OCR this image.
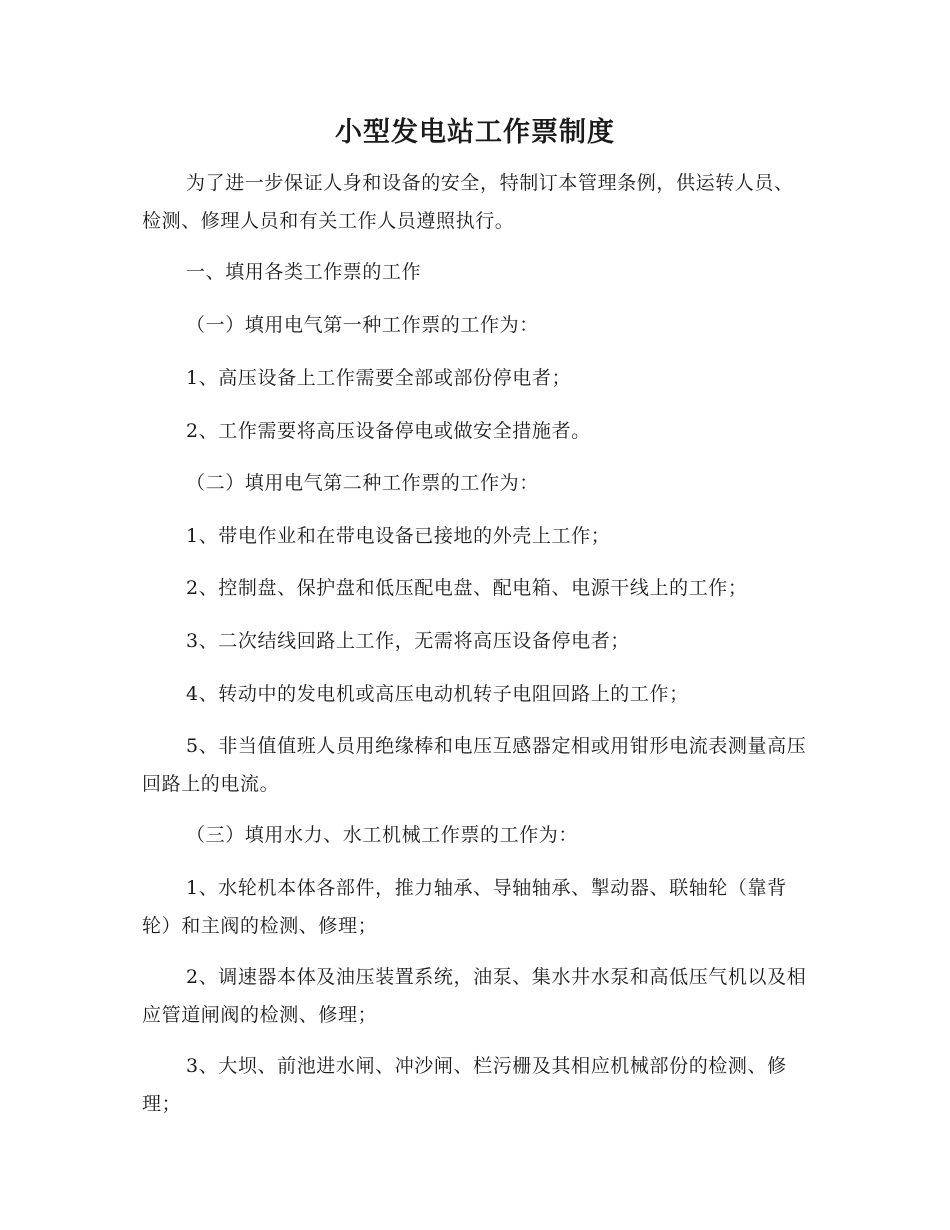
小型发电站工作票制度

为了进一步保证人身和设备的安全，特制订本管理条例，供运转人员、检测、修理人员和有关工作人员遵照执行。

一、填用各类工作票的工作

（一）填用电气第一种工作票的工作为：

1、高压设备上工作需要全部或部份停电者；

2、工作需要将高压设备停电或做安全措施者。

（二）填用电气第二种工作票的工作为：

1、带电作业和在带电设备已接地的外壳上工作；

2、控制盘、保护盘和低压配电盘、配电箱、电源干线上的工作；

3、二次结线回路上工作，无需将高压设备停电者；

4、转动中的发电机或高压电动机转子电阻回路上的工作；

5、非当值值班人员用绝缘棒和电压互感器定相或用钳形电流表测量高压回路上的电流。

（三）填用水力、水工机械工作票的工作为：

1、水轮机本体各部件，推力轴承、导轴轴承、掣动器、联轴轮（靠背轮）和主阀的检测、修理；

2、调速器本体及油压装置系统，油泵、集水井水泵和高低压气机以及相应管道闸阀的检测、修理；

3、大坝、前池进水闸、冲沙闸、栏污栅及其相应机械部份的检测、修理；
